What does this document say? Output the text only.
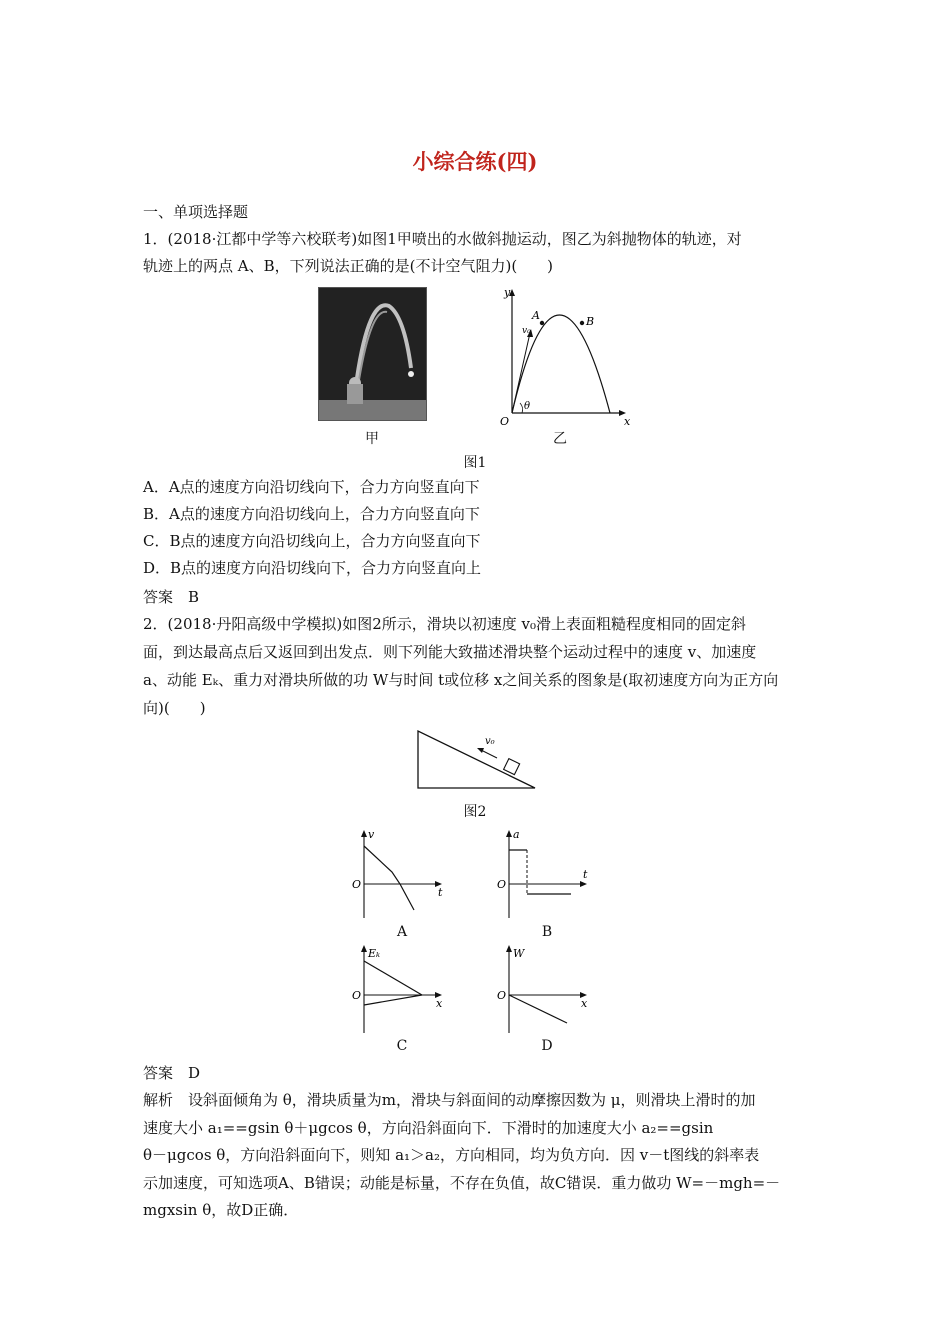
小综合练(四)
一、单项选择题
1．(2018·江都中学等六校联考)如图1甲喷出的水做斜抛运动，图乙为斜抛物体的轨迹，对
轨迹上的两点 A、B，下列说法正确的是(不计空气阻力)(　　)
甲
y
x
O
A	B
v₀
θ
乙
图1
A．A点的速度方向沿切线向下，合力方向竖直向下
B．A点的速度方向沿切线向上，合力方向竖直向下
C．B点的速度方向沿切线向上，合力方向竖直向下
D．B点的速度方向沿切线向下，合力方向竖直向上
答案　B
2．(2018·丹阳高级中学模拟)如图2所示，滑块以初速度 v₀滑上表面粗糙程度相同的固定斜
面，到达最高点后又返回到出发点．则下列能大致描述滑块整个运动过程中的速度 v、加速度
a、动能 Eₖ、重力对滑块所做的功 W与时间 t或位移 x之间关系的图象是(取初速度方向为正方向
向)(　　)
v₀
图2
v
t
O
A
a
t
O
B
Eₖ
x
O
C
W
x
O
D
答案　D
解析　设斜面倾角为 θ，滑块质量为m，滑块与斜面间的动摩擦因数为 μ，则滑块上滑时的加
速度大小 a₁==gsin θ＋μgcos θ，方向沿斜面向下．下滑时的加速度大小 a₂==gsin
θ－μgcos θ，方向沿斜面向下，则知 a₁＞a₂，方向相同，均为负方向．因 v－t图线的斜率表
示加速度，可知选项A、B错误；动能是标量，不存在负值，故C错误．重力做功 W=－mgh=－
mgxsin θ，故D正确．
